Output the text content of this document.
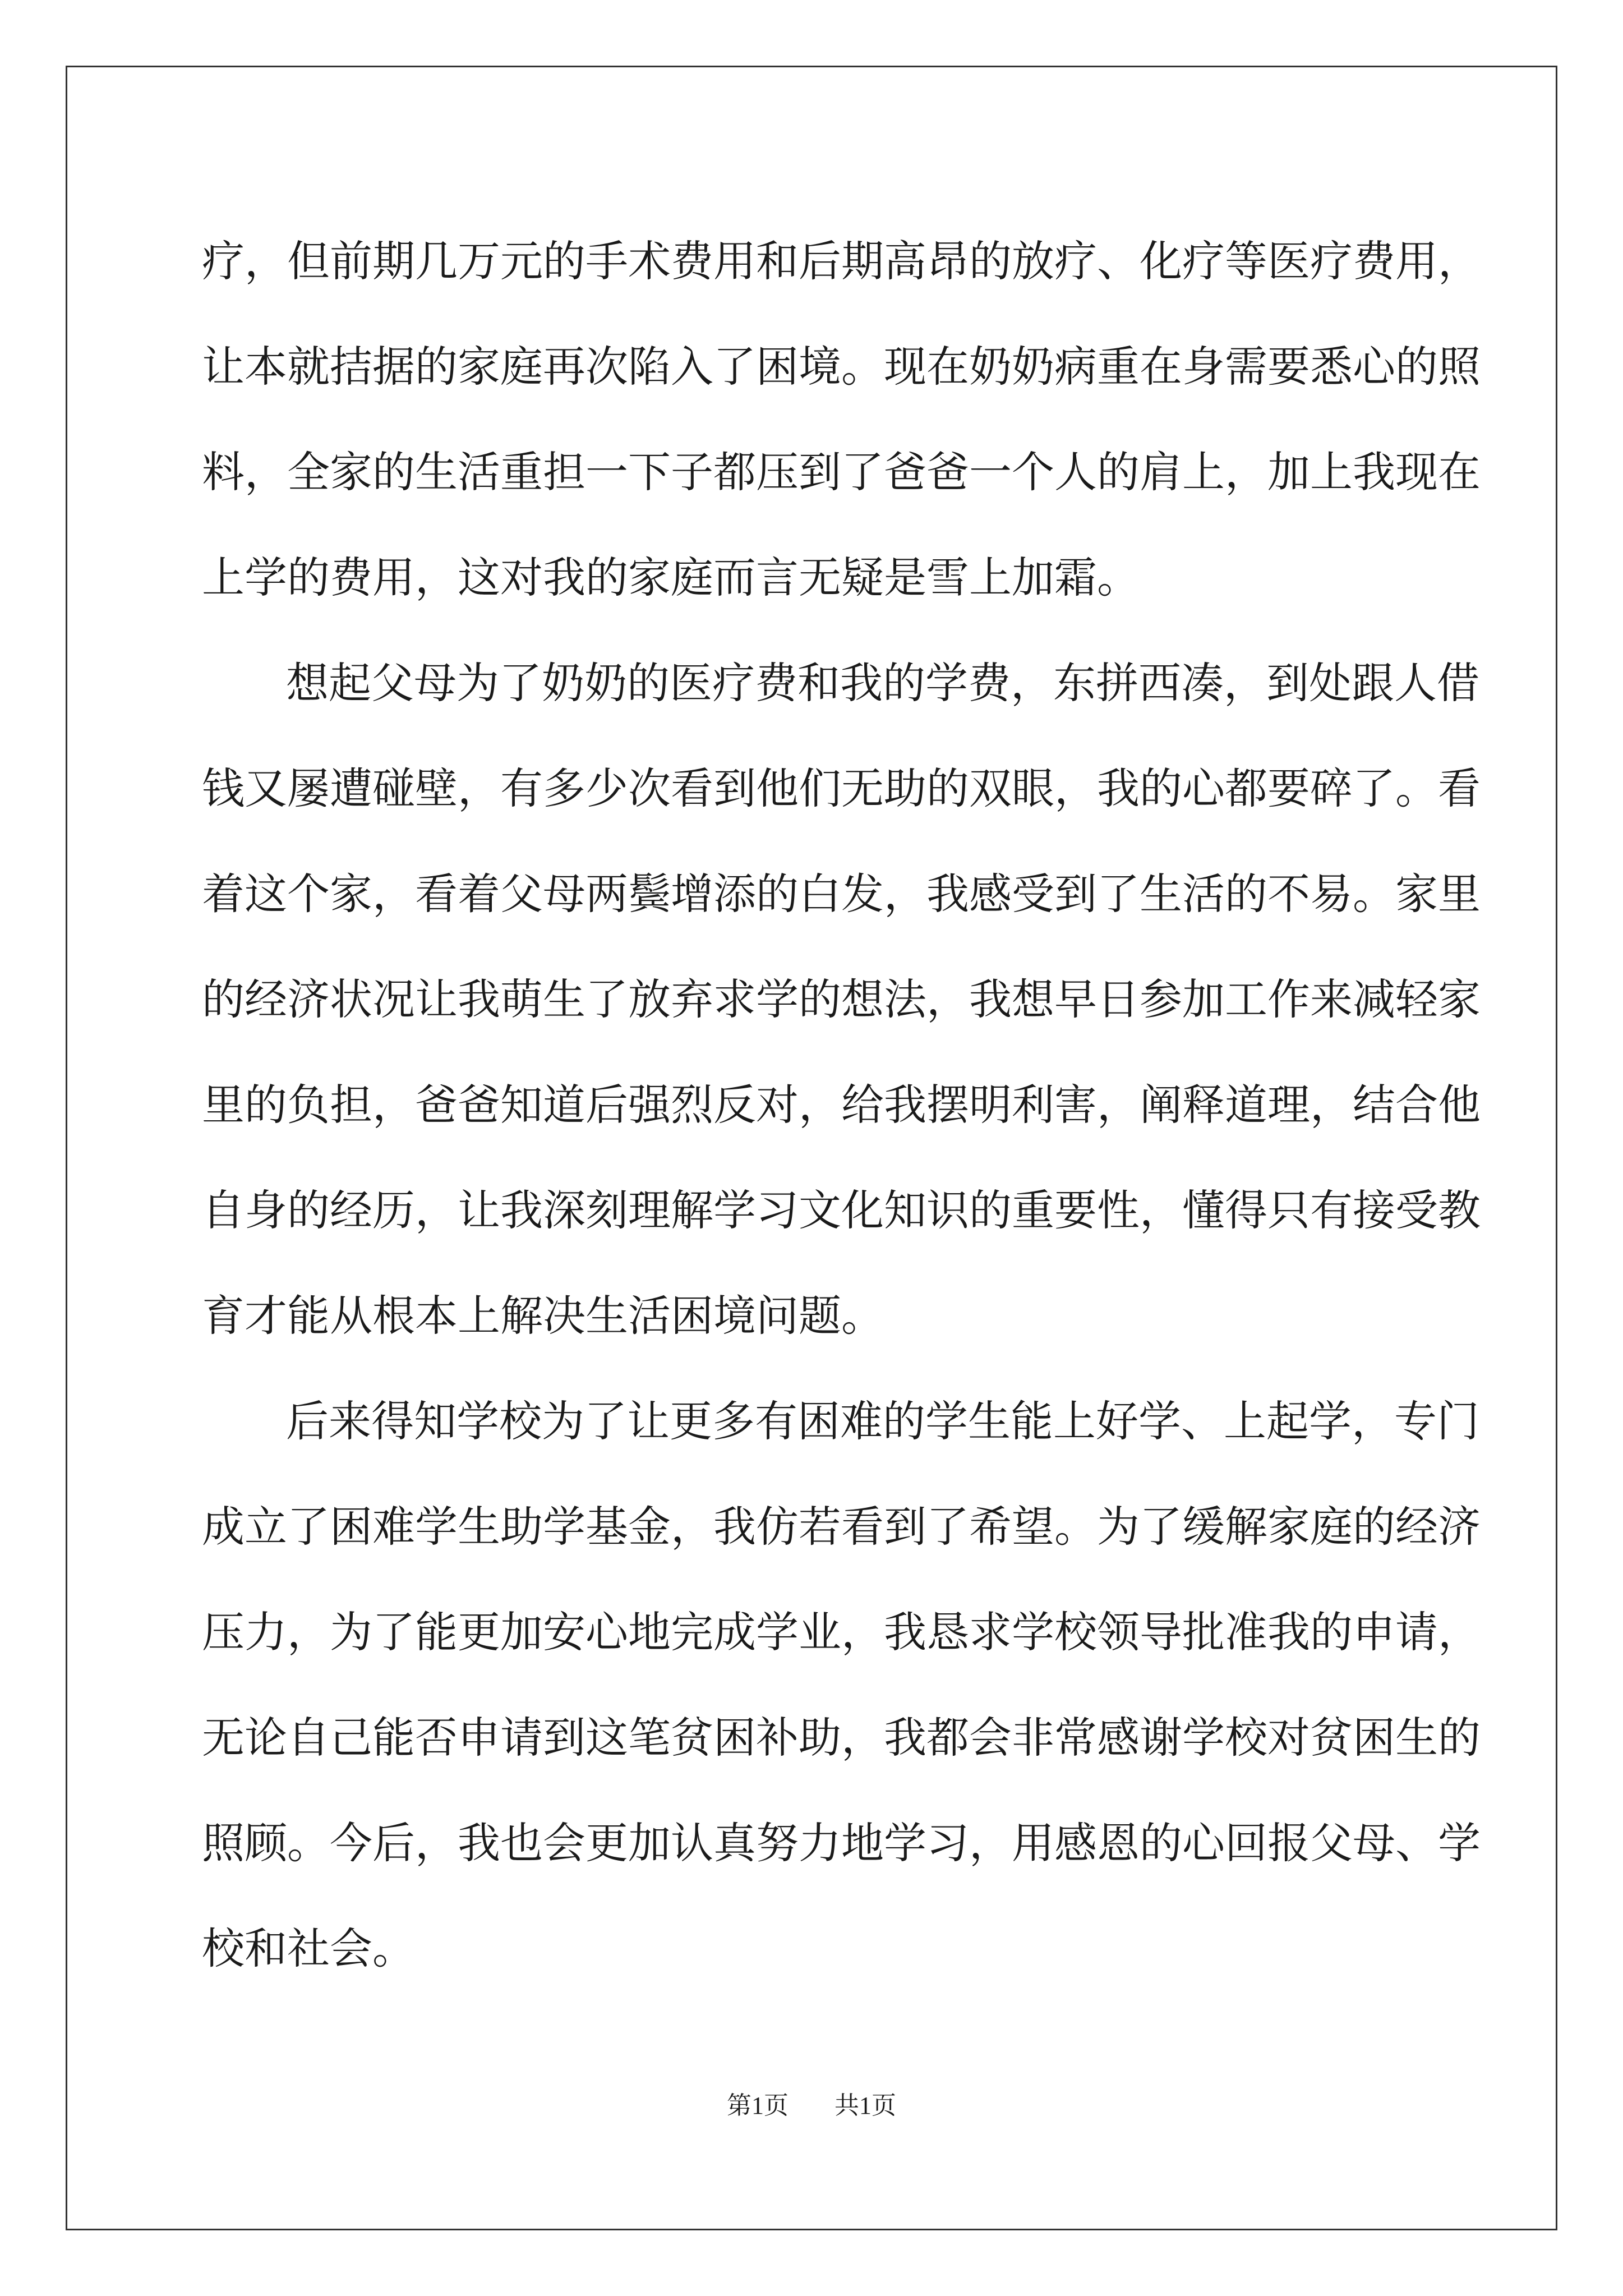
疗，但前期几万元的手术费用和后期高昂的放疗、化疗等医疗费用，
让本就拮据的家庭再次陷入了困境。现在奶奶病重在身需要悉心的照
料，全家的生活重担一下子都压到了爸爸一个人的肩上，加上我现在
上学的费用，这对我的家庭而言无疑是雪上加霜。
想起父母为了奶奶的医疗费和我的学费，东拼西凑，到处跟人借
钱又屡遭碰壁，有多少次看到他们无助的双眼，我的心都要碎了。看
着这个家，看着父母两鬓增添的白发，我感受到了生活的不易。家里
的经济状况让我萌生了放弃求学的想法，我想早日参加工作来减轻家
里的负担，爸爸知道后强烈反对，给我摆明利害，阐释道理，结合他
自身的经历，让我深刻理解学习文化知识的重要性，懂得只有接受教
育才能从根本上解决生活困境问题。
后来得知学校为了让更多有困难的学生能上好学、上起学，专门
成立了困难学生助学基金，我仿若看到了希望。为了缓解家庭的经济
压力，为了能更加安心地完成学业，我恳求学校领导批准我的申请，
无论自己能否申请到这笔贫困补助，我都会非常感谢学校对贫困生的
照顾。今后，我也会更加认真努力地学习，用感恩的心回报父母、学
校和社会。
第1页 共1页
